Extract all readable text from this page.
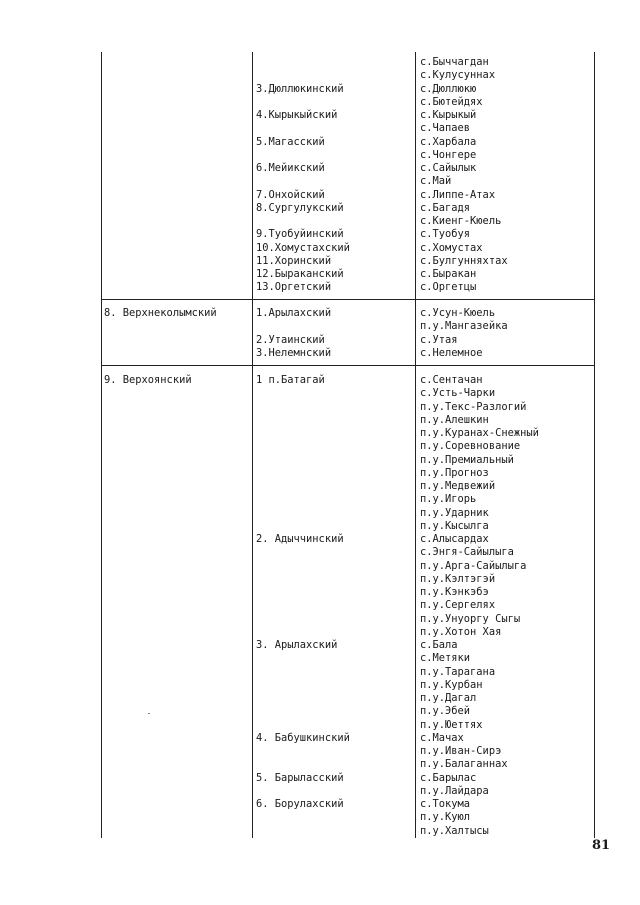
с.Быччагдан
с.Кулусуннах
3.Дюллюкинский	с.Дюллюкю
с.Бютейдях
4.Кырыкыйский	с.Кырыкый
с.Чапаев
5.Магасский	с.Харбала
с.Чонгере
6.Мейикский	с.Сайылык
с.Май
7.Онхойский	с.Липпе-Атах
8.Сургулукский	с.Багадя
с.Киенг-Кюель
9.Туобуйинский	с.Туобуя
10.Хомустахский	с.Хомустах
11.Хоринский	с.Булгунняхтах
12.Быраканский	с.Быракан
13.Оргетский	с.Оргетцы
8. Верхнеколымский	1.Арылахский	с.Усун-Кюель
п.у.Мангазейка
2.Утаинский	с.Утая
3.Нелемнский	с.Нелемное
9. Верхоянский	1 п.Батагай	с.Сентачан
с.Усть-Чарки
п.у.Текс-Разлогий
п.у.Алешкин
п.у.Куранах-Снежный
п.у.Соревнование
п.у.Премиальный
п.у.Прогноз
п.у.Медвежий
п.у.Игорь
п.у.Ударник
п.у.Кысылга
2. Адыччинский	с.Алысардах
с.Энгя-Сайылыга
п.у.Арга-Сайылыга
п.у.Кэлтэгэй
п.у.Кэнкэбэ
п.у.Сергелях
п.у.Унуоргу Сыгы
п.у.Хотон Хая
3. Арылахский	с.Бала
с.Метяки
п.у.Тарагана
п.у.Курбан
п.у.Дагал
п.у.Эбей
п.у.Юеттях
4. Бабушкинский	с.Мачах
п.у.Иван-Сирэ
п.у.Балаганнах
5. Барыласский	с.Барылас
п.у.Лайдара
6. Борулахский	с.Токума
п.у.Куюл
п.у.Халтысы
81
